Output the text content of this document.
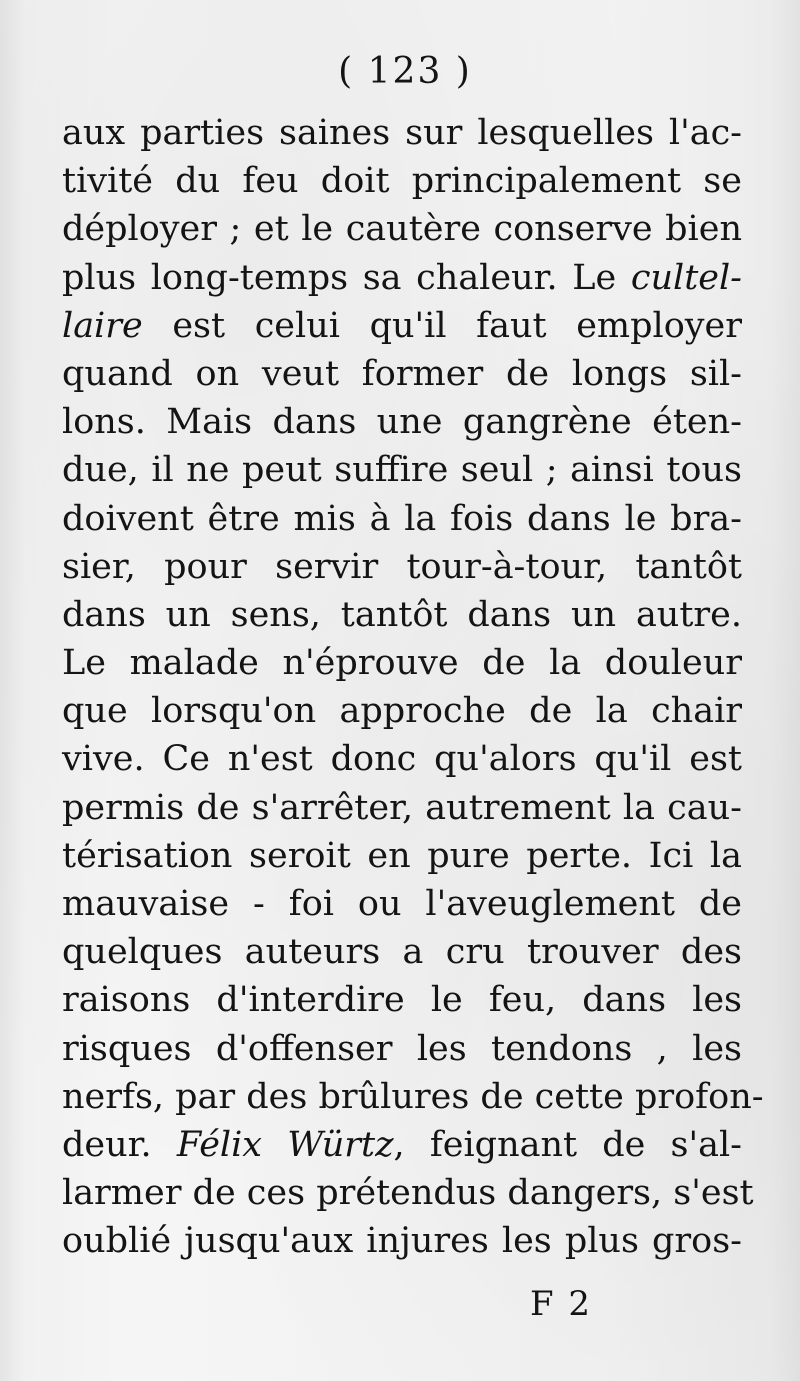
( 123 )
aux parties saines sur lesquelles l'ac-
tivité du feu doit principalement se
déployer ; et le cautère conserve bien
plus long-temps sa chaleur. Le cultel-
laire est celui qu'il faut employer
quand on veut former de longs sil-
lons. Mais dans une gangrène éten-
due, il ne peut suffire seul ; ainsi tous
doivent être mis à la fois dans le bra-
sier, pour servir tour-à-tour, tantôt
dans un sens, tantôt dans un autre.
Le malade n'éprouve de la douleur
que lorsqu'on approche de la chair
vive. Ce n'est donc qu'alors qu'il est
permis de s'arrêter, autrement la cau-
térisation seroit en pure perte. Ici la
mauvaise - foi ou l'aveuglement de
quelques auteurs a cru trouver des
raisons d'interdire le feu, dans les
risques d'offenser les tendons , les
nerfs, par des brûlures de cette profon-
deur. Félix Würtz, feignant de s'al-
larmer de ces prétendus dangers, s'est
oublié jusqu'aux injures les plus gros-
F 2
